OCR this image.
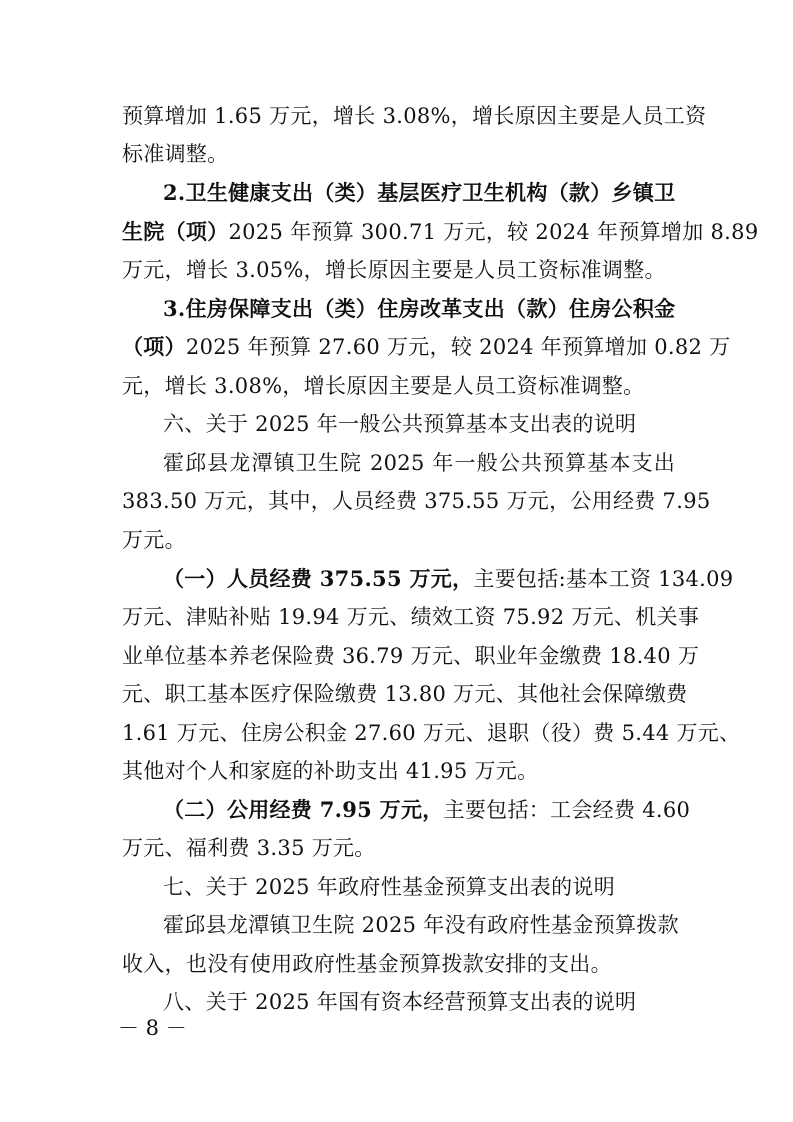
预算增加 1.65 万元，增长 3.08%，增长原因主要是人员工资
标准调整。
2.卫生健康支出（类）基层医疗卫生机构（款）乡镇卫
生院（项）2025 年预算 300.71 万元，较 2024 年预算增加 8.89
万元，增长 3.05%，增长原因主要是人员工资标准调整。
3.住房保障支出（类）住房改革支出（款）住房公积金
（项）2025 年预算 27.60 万元，较 2024 年预算增加 0.82 万
元，增长 3.08%，增长原因主要是人员工资标准调整。
六、关于 2025 年一般公共预算基本支出表的说明
霍邱县龙潭镇卫生院 2025 年一般公共预算基本支出
383.50 万元，其中，人员经费 375.55 万元，公用经费 7.95
万元。
（一）人员经费 375.55 万元，主要包括:基本工资 134.09
万元、津贴补贴 19.94 万元、绩效工资 75.92 万元、机关事
业单位基本养老保险费 36.79 万元、职业年金缴费 18.40 万
元、职工基本医疗保险缴费 13.80 万元、其他社会保障缴费
1.61 万元、住房公积金 27.60 万元、退职（役）费 5.44 万元、
其他对个人和家庭的补助支出 41.95 万元。
（二）公用经费 7.95 万元，主要包括：工会经费 4.60
万元、福利费 3.35 万元。
七、关于 2025 年政府性基金预算支出表的说明
霍邱县龙潭镇卫生院 2025 年没有政府性基金预算拨款
收入，也没有使用政府性基金预算拨款安排的支出。
八、关于 2025 年国有资本经营预算支出表的说明
－ 8 －
